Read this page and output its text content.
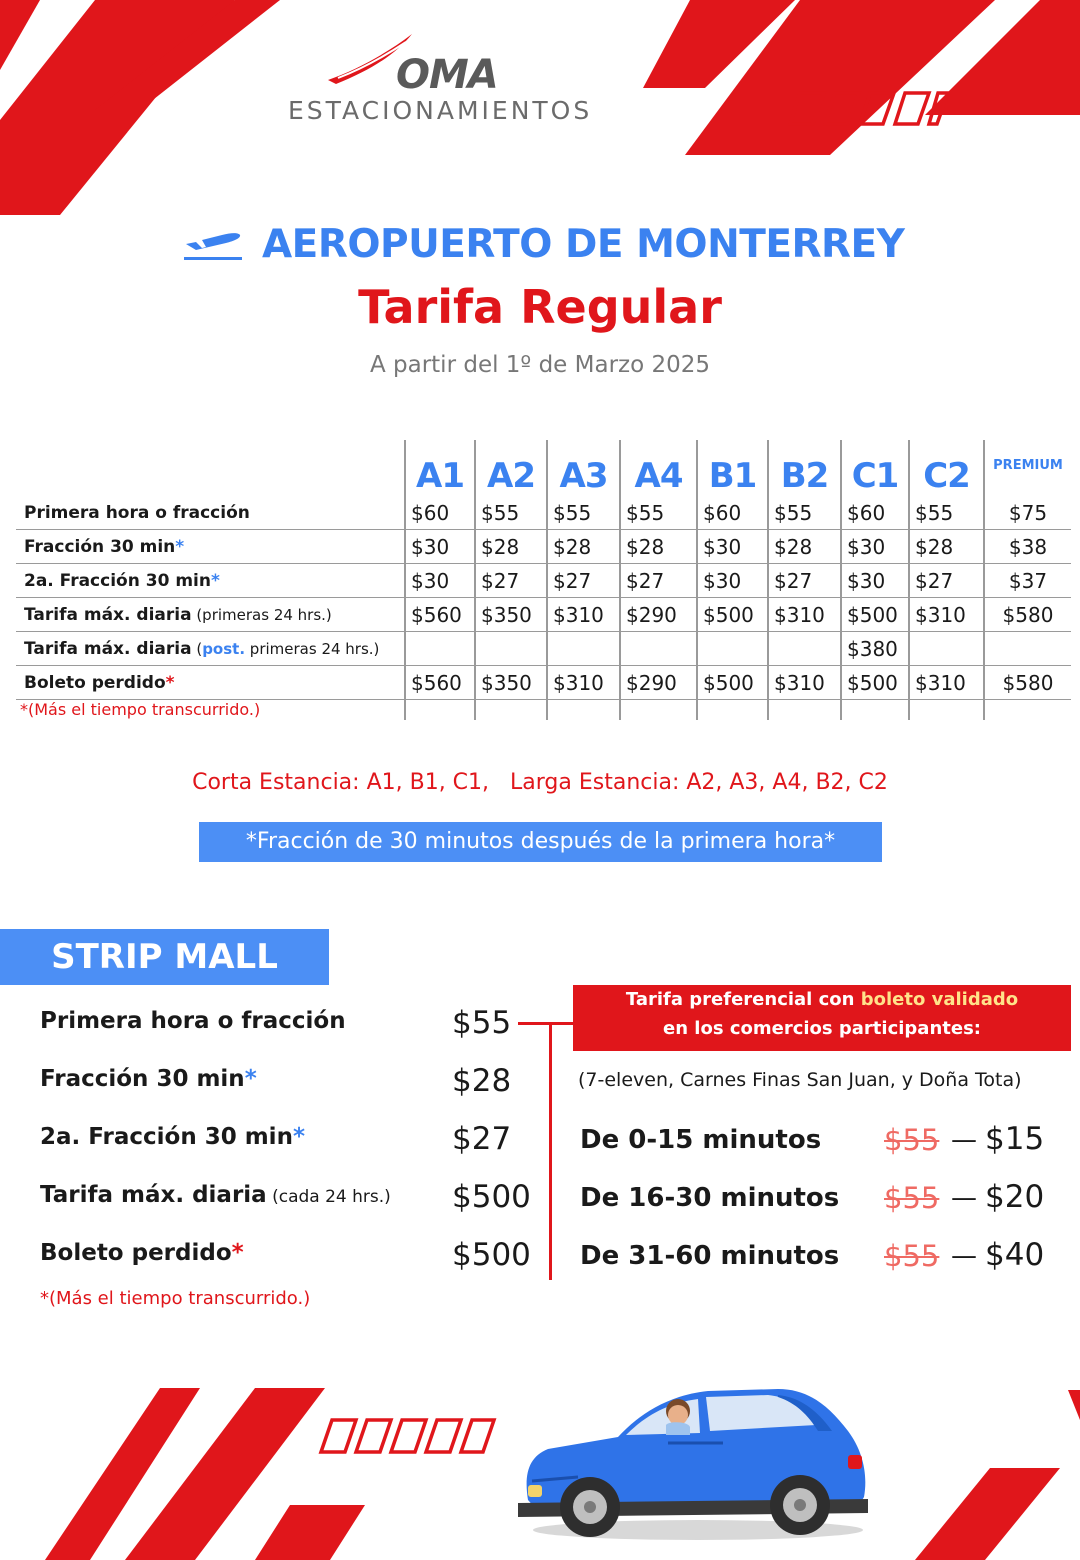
OMA
ESTACIONAMIENTOS
AEROPUERTO DE MONTERREY
Tarifa Regular
A partir del 1º de Marzo 2025
	A1	A2	A3	A4	B1	B2	C1	C2	PREMIUM
Primera hora o fracción	$60	$55	$55	$55	$60	$55	$60	$55	$75
Fracción 30 min*	$30	$28	$28	$28	$30	$28	$30	$28	$38
2a. Fracción 30 min*	$30	$27	$27	$27	$30	$27	$30	$27	$37
Tarifa máx. diaria (primeras 24 hrs.)	$560	$350	$310	$290	$500	$310	$500	$310	$580
Tarifa máx. diaria (post. primeras 24 hrs.)							$380		
Boleto perdido*	$560	$350	$310	$290	$500	$310	$500	$310	$580

*(Más el tiempo transcurrido.)
Corta Estancia: A1, B1, C1,   Larga Estancia: A2, A3, A4, B2, C2
*Fracción de 30 minutos después de la primera hora*
STRIP MALL
Primera hora o fracción	$55
Fracción 30 min*	$28
2a. Fracción 30 min*	$27
Tarifa máx. diaria (cada 24 hrs.) $500
Boleto perdido*	$500
*(Más el tiempo transcurrido.)
Tarifa preferencial con boleto validado
en los comercios participantes:
(7-eleven, Carnes Finas San Juan, y Doña Tota)
De 0-15 minutos $55 — $15
De 16-30 minutos $55 — $20
De 31-60 minutos $55 — $40
